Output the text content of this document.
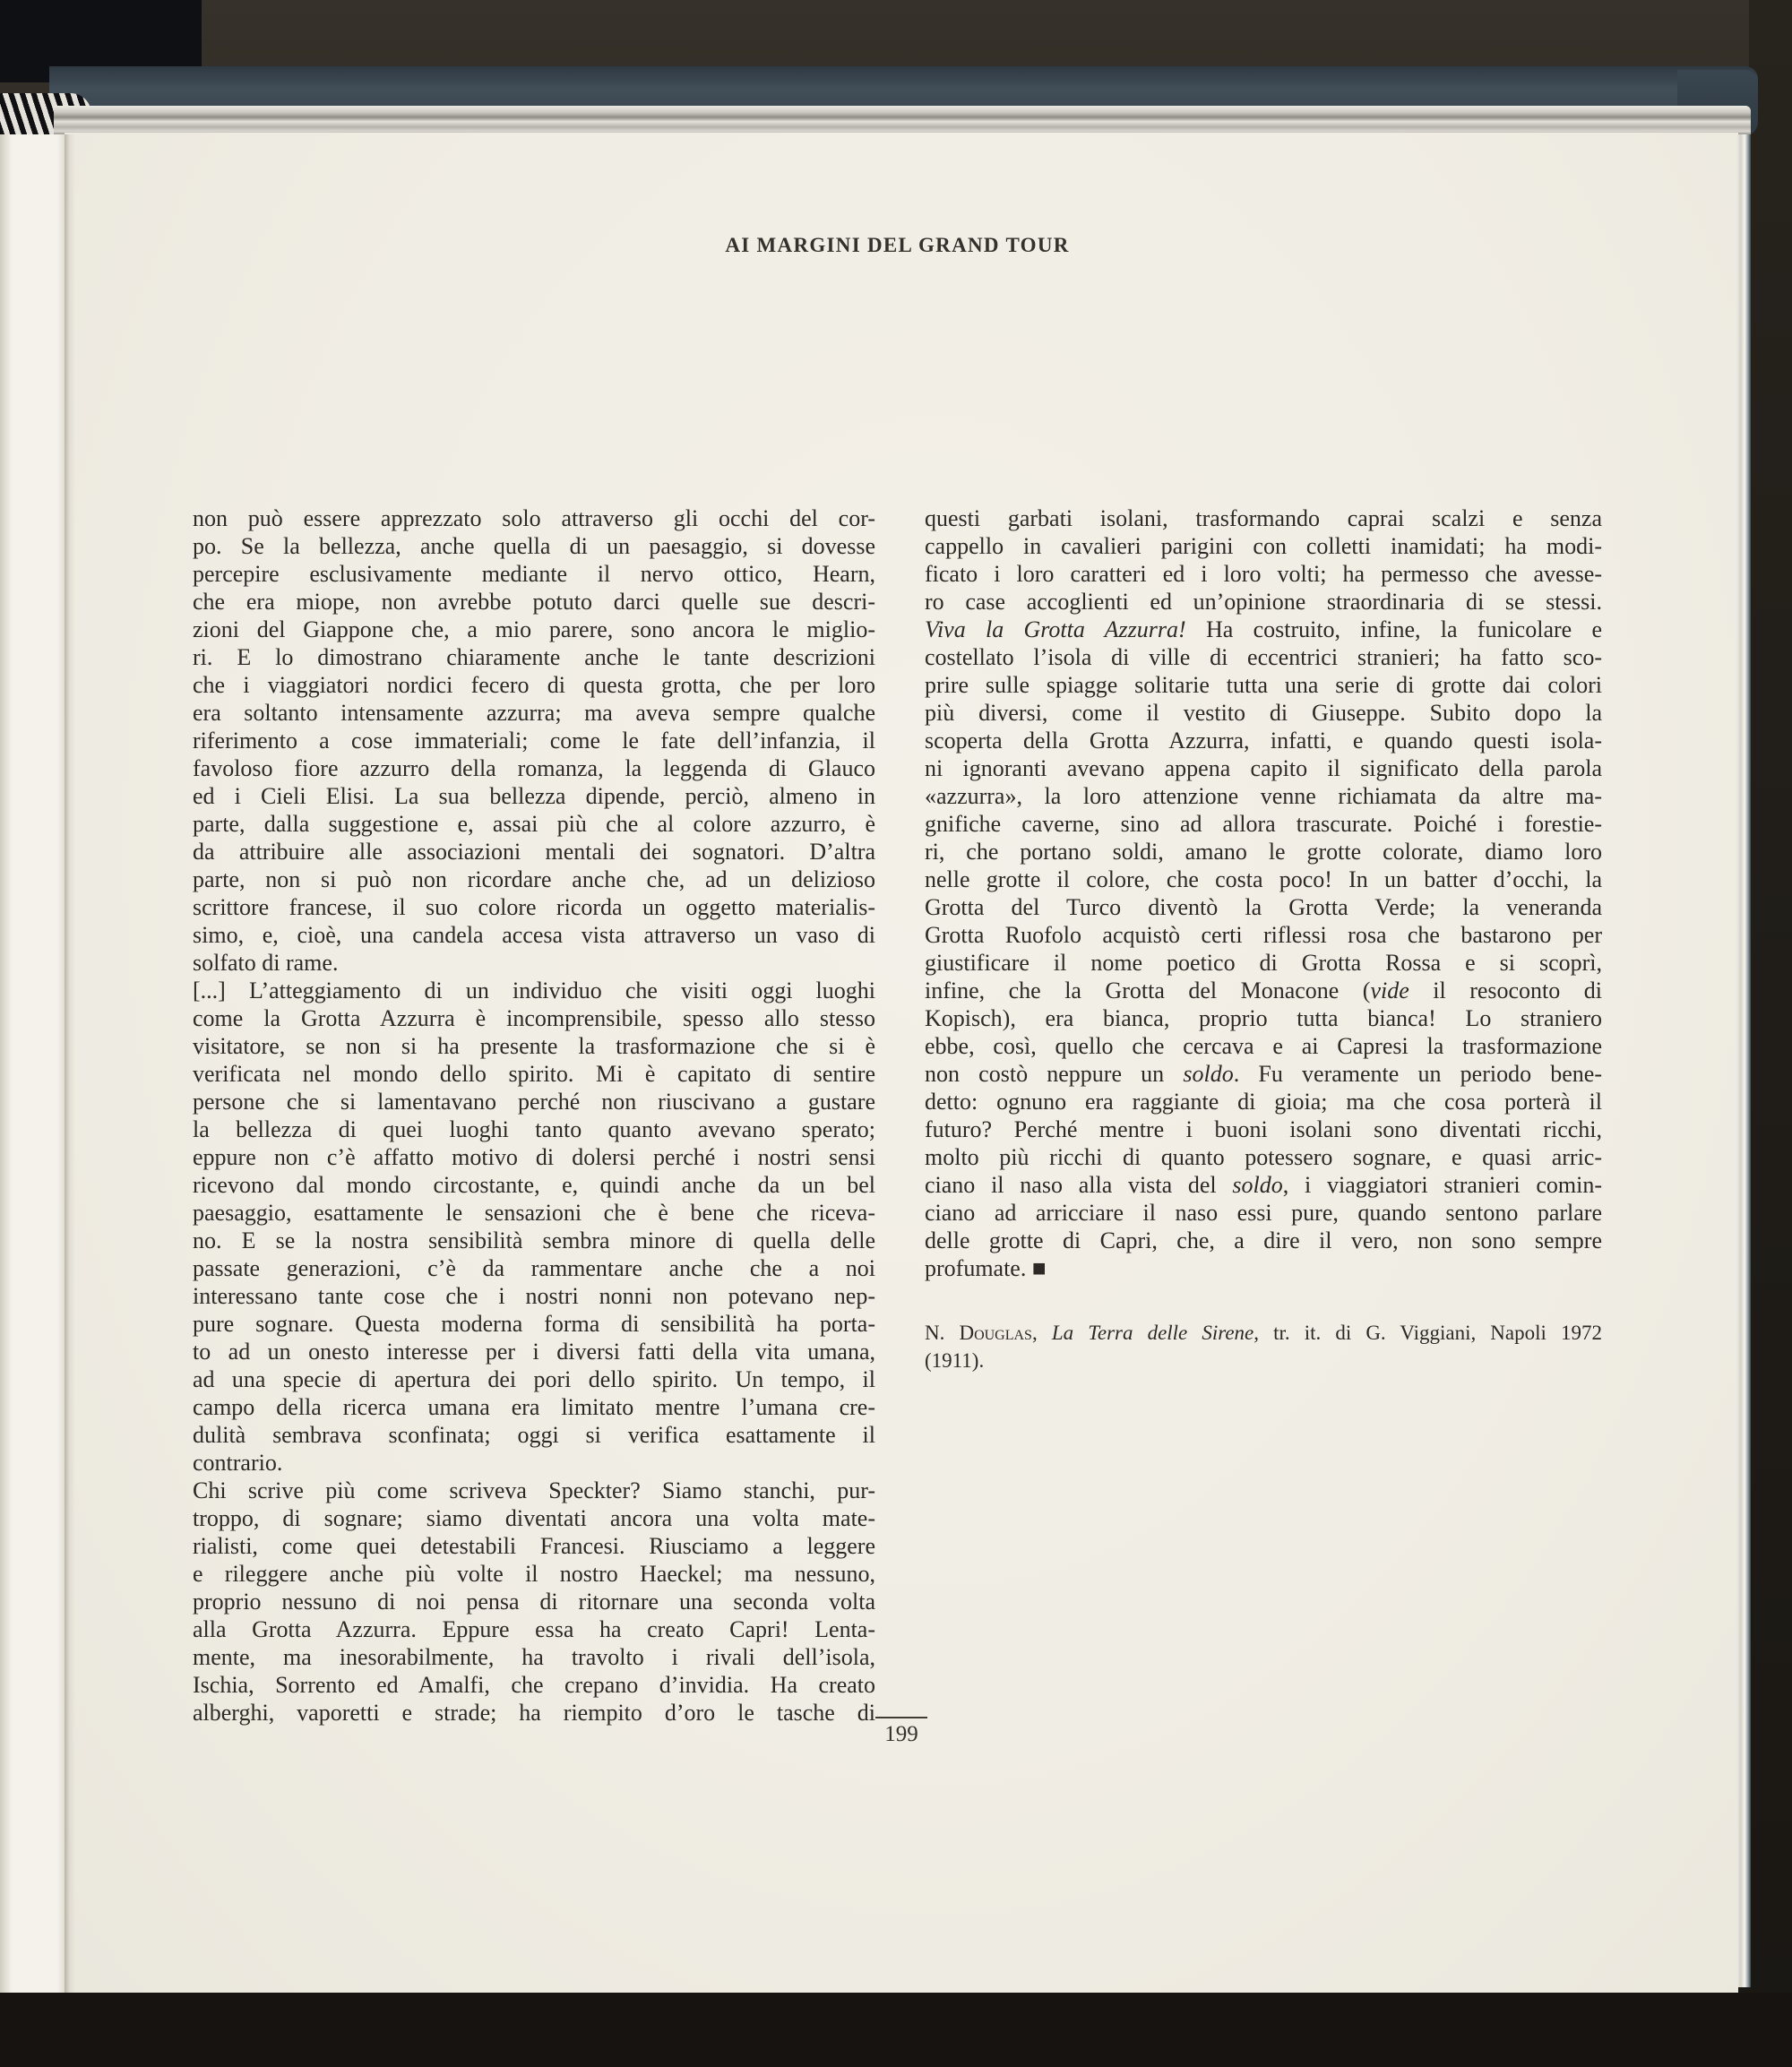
AI MARGINI DEL GRAND TOUR
non può essere apprezzato solo attraverso gli occhi del cor-
po. Se la bellezza, anche quella di un paesaggio, si dovesse
percepire esclusivamente mediante il nervo ottico, Hearn,
che era miope, non avrebbe potuto darci quelle sue descri-
zioni del Giappone che, a mio parere, sono ancora le miglio-
ri. E lo dimostrano chiaramente anche le tante descrizioni
che i viaggiatori nordici fecero di questa grotta, che per loro
era soltanto intensamente azzurra; ma aveva sempre qualche
riferimento a cose immateriali; come le fate dell’infanzia, il
favoloso fiore azzurro della romanza, la leggenda di Glauco
ed i Cieli Elisi. La sua bellezza dipende, perciò, almeno in
parte, dalla suggestione e, assai più che al colore azzurro, è
da attribuire alle associazioni mentali dei sognatori. D’altra
parte, non si può non ricordare anche che, ad un delizioso
scrittore francese, il suo colore ricorda un oggetto materialis-
simo, e, cioè, una candela accesa vista attraverso un vaso di
solfato di rame.
[...] L’atteggiamento di un individuo che visiti oggi luoghi
come la Grotta Azzurra è incomprensibile, spesso allo stesso
visitatore, se non si ha presente la trasformazione che si è
verificata nel mondo dello spirito. Mi è capitato di sentire
persone che si lamentavano perché non riuscivano a gustare
la bellezza di quei luoghi tanto quanto avevano sperato;
eppure non c’è affatto motivo di dolersi perché i nostri sensi
ricevono dal mondo circostante, e, quindi anche da un bel
paesaggio, esattamente le sensazioni che è bene che riceva-
no. E se la nostra sensibilità sembra minore di quella delle
passate generazioni, c’è da rammentare anche che a noi
interessano tante cose che i nostri nonni non potevano nep-
pure sognare. Questa moderna forma di sensibilità ha porta-
to ad un onesto interesse per i diversi fatti della vita umana,
ad una specie di apertura dei pori dello spirito. Un tempo, il
campo della ricerca umana era limitato mentre l’umana cre-
dulità sembrava sconfinata; oggi si verifica esattamente il
contrario.
Chi scrive più come scriveva Speckter? Siamo stanchi, pur-
troppo, di sognare; siamo diventati ancora una volta mate-
rialisti, come quei detestabili Francesi. Riusciamo a leggere
e rileggere anche più volte il nostro Haeckel; ma nessuno,
proprio nessuno di noi pensa di ritornare una seconda volta
alla Grotta Azzurra. Eppure essa ha creato Capri! Lenta-
mente, ma inesorabilmente, ha travolto i rivali dell’isola,
Ischia, Sorrento ed Amalfi, che crepano d’invidia. Ha creato
alberghi, vaporetti e strade; ha riempito d’oro le tasche di
questi garbati isolani, trasformando caprai scalzi e senza
cappello in cavalieri parigini con colletti inamidati; ha modi-
ficato i loro caratteri ed i loro volti; ha permesso che avesse-
ro case accoglienti ed un’opinione straordinaria di se stessi.
Viva la Grotta Azzurra! Ha costruito, infine, la funicolare e
costellato l’isola di ville di eccentrici stranieri; ha fatto sco-
prire sulle spiagge solitarie tutta una serie di grotte dai colori
più diversi, come il vestito di Giuseppe. Subito dopo la
scoperta della Grotta Azzurra, infatti, e quando questi isola-
ni ignoranti avevano appena capito il significato della parola
«azzurra», la loro attenzione venne richiamata da altre ma-
gnifiche caverne, sino ad allora trascurate. Poiché i forestie-
ri, che portano soldi, amano le grotte colorate, diamo loro
nelle grotte il colore, che costa poco! In un batter d’occhi, la
Grotta del Turco diventò la Grotta Verde; la veneranda
Grotta Ruofolo acquistò certi riflessi rosa che bastarono per
giustificare il nome poetico di Grotta Rossa e si scoprì,
infine, che la Grotta del Monacone (vide il resoconto di
Kopisch), era bianca, proprio tutta bianca! Lo straniero
ebbe, così, quello che cercava e ai Capresi la trasformazione
non costò neppure un soldo. Fu veramente un periodo bene-
detto: ognuno era raggiante di gioia; ma che cosa porterà il
futuro? Perché mentre i buoni isolani sono diventati ricchi,
molto più ricchi di quanto potessero sognare, e quasi arric-
ciano il naso alla vista del soldo, i viaggiatori stranieri comin-
ciano ad arricciare il naso essi pure, quando sentono parlare
delle grotte di Capri, che, a dire il vero, non sono sempre
profumate. ■
N. Douglas, La Terra delle Sirene, tr. it. di G. Viggiani, Napoli 1972
(1911).
199
